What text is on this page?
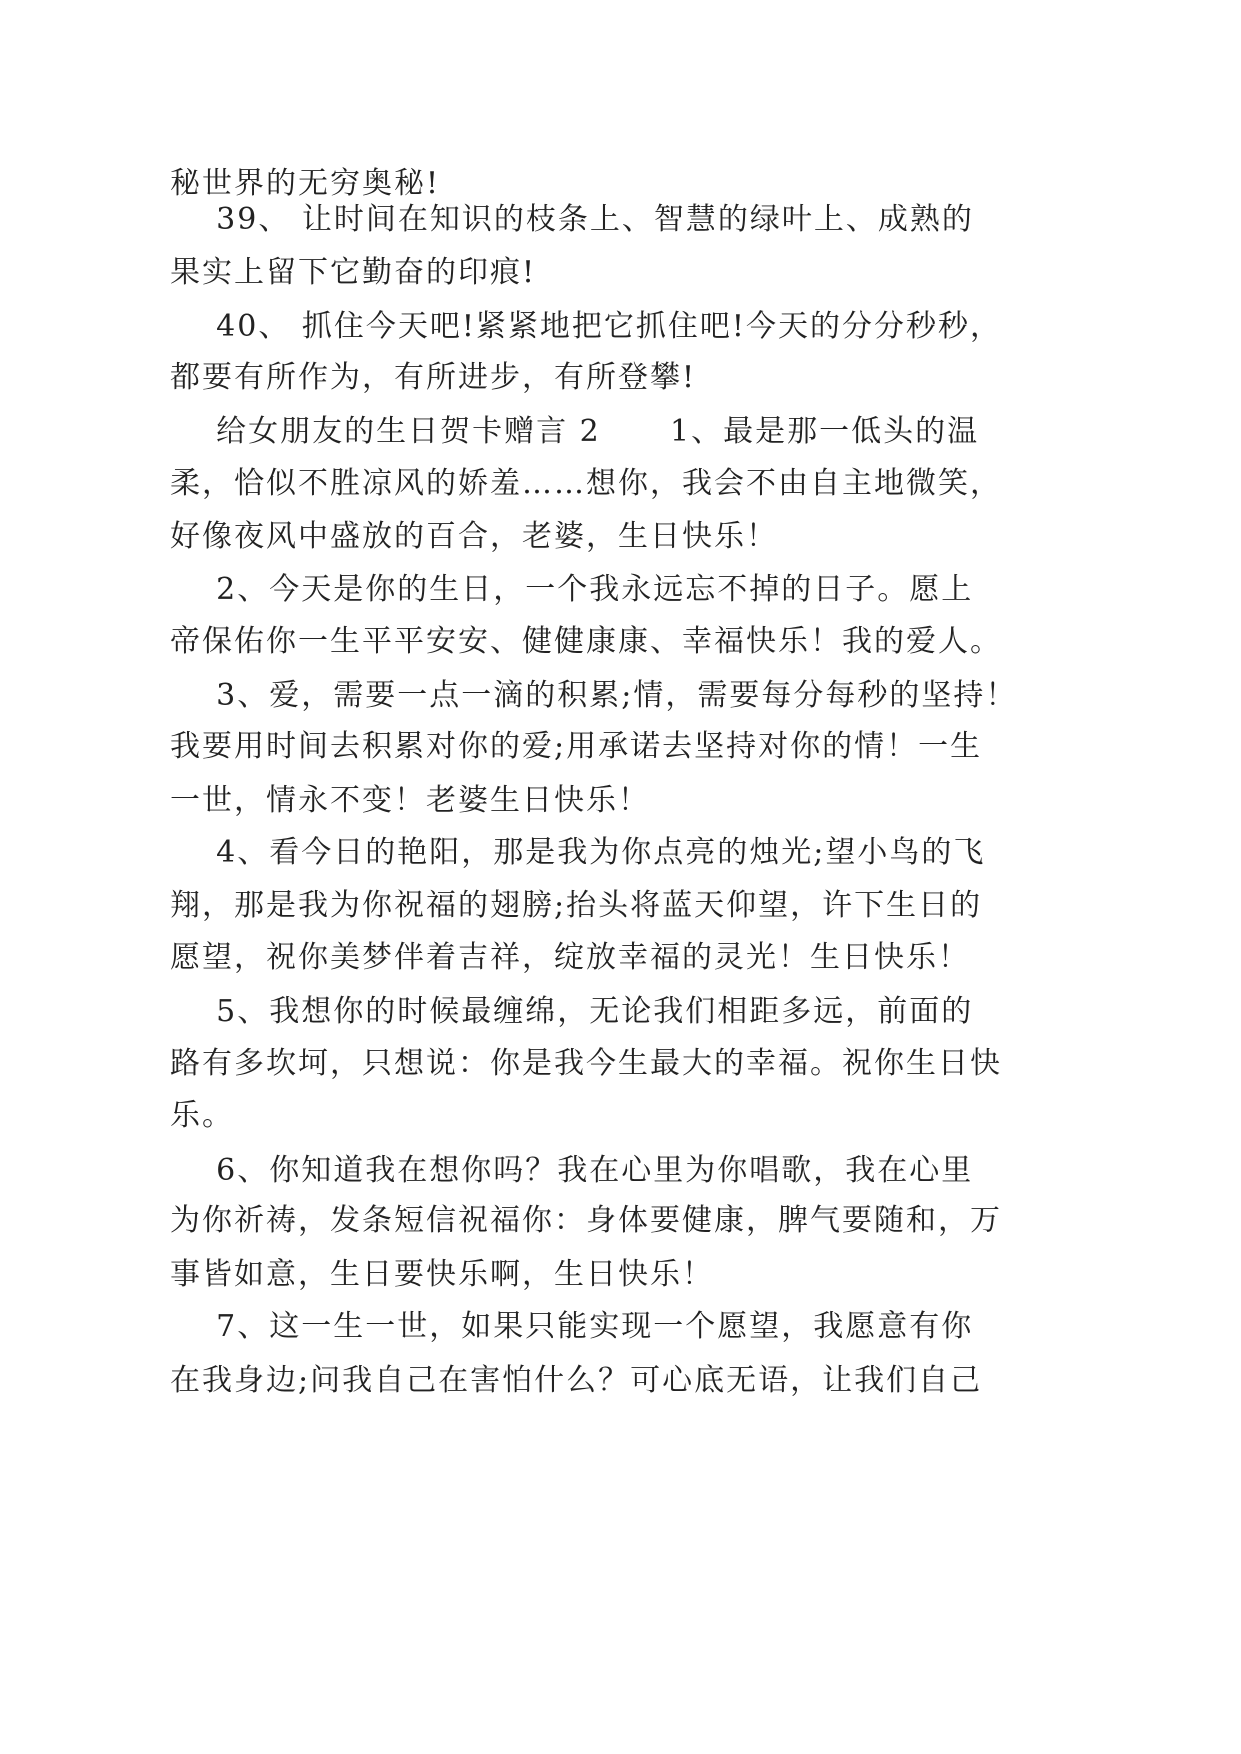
秘世界的无穷奥秘!
39、 让时间在知识的枝条上、智慧的绿叶上、成熟的
果实上留下它勤奋的印痕!
40、 抓住今天吧!紧紧地把它抓住吧!今天的分分秒秒，
都要有所作为，有所进步，有所登攀!
给女朋友的生日贺卡赠言 2      1、最是那一低头的温
柔，恰似不胜凉风的娇羞……想你，我会不由自主地微笑，
好像夜风中盛放的百合，老婆，生日快乐！
2、今天是你的生日，一个我永远忘不掉的日子。愿上
帝保佑你一生平平安安、健健康康、幸福快乐！我的爱人。
3、爱，需要一点一滴的积累;情，需要每分每秒的坚持！
我要用时间去积累对你的爱;用承诺去坚持对你的情！一生
一世，情永不变！老婆生日快乐！
4、看今日的艳阳，那是我为你点亮的烛光;望小鸟的飞
翔，那是我为你祝福的翅膀;抬头将蓝天仰望，许下生日的
愿望，祝你美梦伴着吉祥，绽放幸福的灵光！生日快乐！
5、我想你的时候最缠绵，无论我们相距多远，前面的
路有多坎坷，只想说：你是我今生最大的幸福。祝你生日快
乐。
6、你知道我在想你吗？我在心里为你唱歌，我在心里
为你祈祷，发条短信祝福你：身体要健康，脾气要随和，万
事皆如意，生日要快乐啊，生日快乐！
7、这一生一世，如果只能实现一个愿望，我愿意有你
在我身边;问我自己在害怕什么？可心底无语，让我们自己
